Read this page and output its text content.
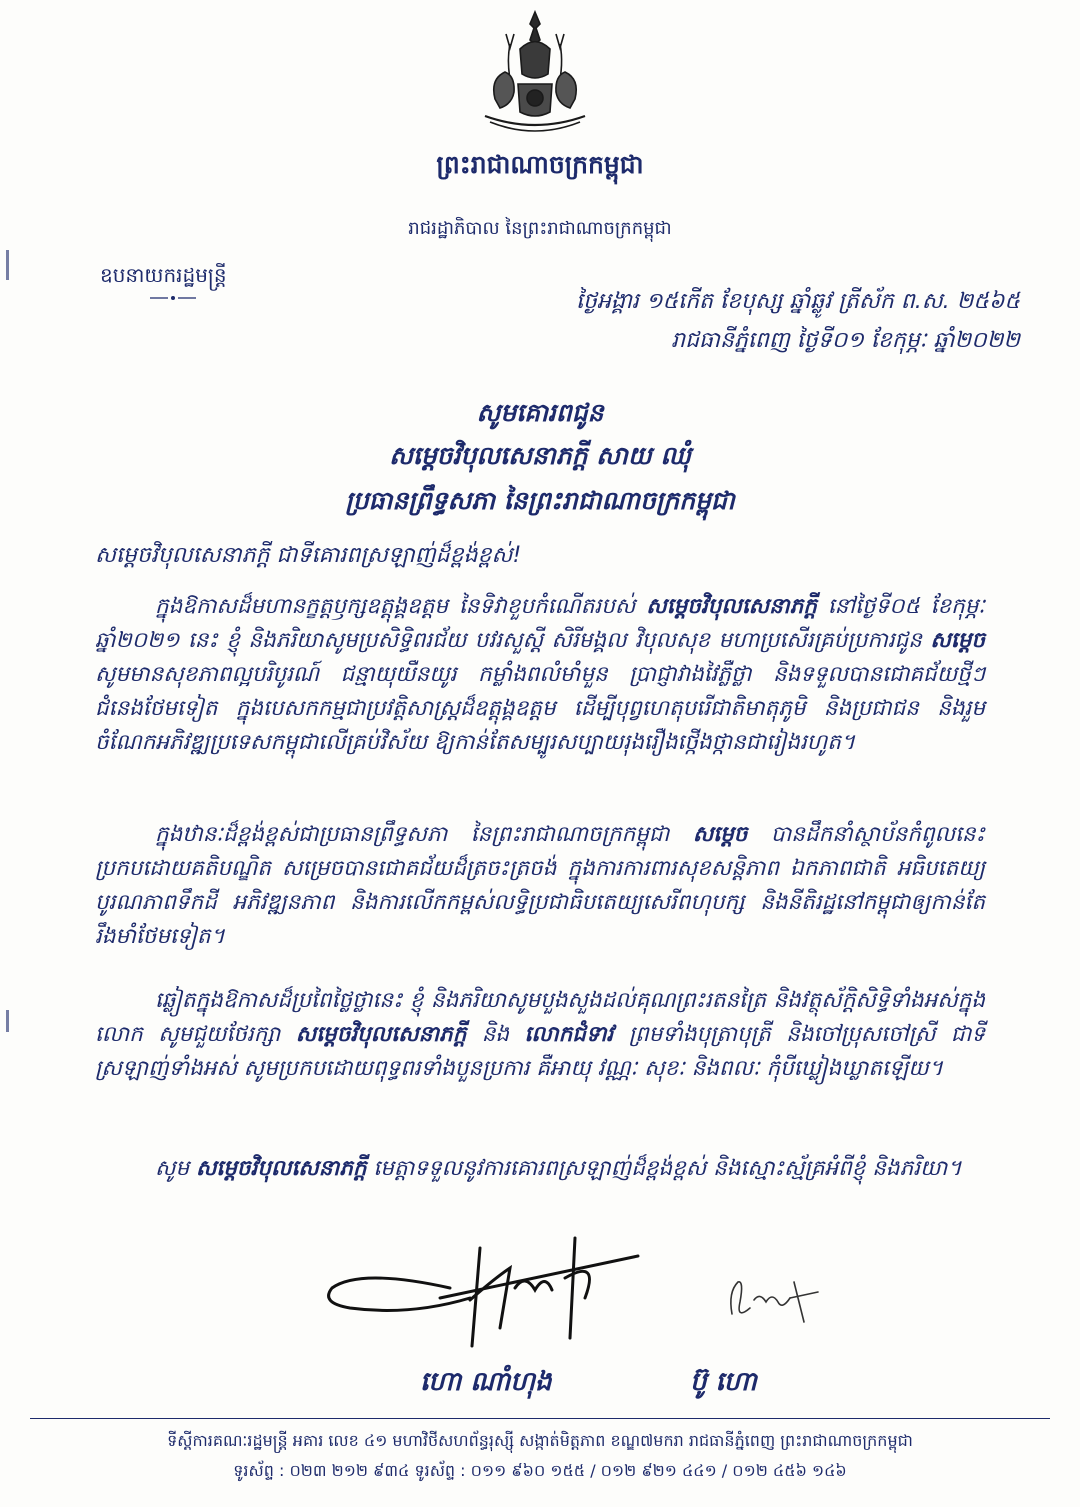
ព្រះរាជាណាចក្រកម្ពុជា
រាជរដ្ឋាភិបាល នៃព្រះរាជាណាចក្រកម្ពុជា
ឧបនាយករដ្ឋមន្ត្រី
ថ្ងៃអង្គារ ១៥កើត ខែបុស្ស ឆ្នាំឆ្លូវ ត្រីស័ក ព.ស. ២៥៦៥
រាជធានីភ្នំពេញ ថ្ងៃទី០១ ខែកុម្ភៈ ឆ្នាំ២០២២
សូមគោរពជូន
សម្តេចវិបុលសេនាភក្តី សាយ ឈុំ
ប្រធានព្រឹទ្ធសភា នៃព្រះរាជាណាចក្រកម្ពុជា
សម្តេចវិបុលសេនាភក្តី ជាទីគោរពស្រឡាញ់ដ៏ខ្ពង់ខ្ពស់!

ក្នុងឱកាសដ៏មហានក្ខត្តឫក្សឧត្តុង្គឧត្តម នៃទិវាខួបកំណើតរបស់ សម្តេចវិបុលសេនាភក្តី នៅថ្ងៃទី០៥ ខែកុម្ភៈ ឆ្នាំ២០២១ នេះ ខ្ញុំ និងភរិយាសូមប្រសិទ្ធិពរជ័យ បវរសួស្តី សិរីមង្គល វិបុលសុខ មហាប្រសើរគ្រប់ប្រការជូន សម្តេច សូមមានសុខភាពល្អបរិបូរណ៍ ជន្មាយុយឺនយូរ កម្លាំងពលំមាំមួន ប្រាជ្ញាវាងវៃភ្លឺថ្លា និងទទួលបានជោគជ័យថ្មីៗជំនេងថែមទៀត ក្នុងបេសកកម្មជាប្រវត្តិសាស្ត្រដ៏ឧត្តុង្គឧត្តម ដើម្បីបុព្វហេតុបរើជាតិមាតុភូមិ និងប្រជាជន និងរួមចំណែកអភិវឌ្ឍប្រទេសកម្ពុជាលើគ្រប់វិស័យ ឱ្យកាន់តែសម្បូរសប្បាយរុងរឿងថ្កើងថ្កានជារៀងរហូត។

ក្នុងឋានៈដ៏ខ្ពង់ខ្ពស់ជាប្រធានព្រឹទ្ធសភា នៃព្រះរាជាណាចក្រកម្ពុជា សម្តេច បានដឹកនាំស្ថាប័នកំពូលនេះ ប្រកបដោយគតិបណ្ឌិត សម្រេចបានជោគជ័យដ៏ត្រចះត្រចង់ ក្នុងការការពារសុខសន្តិភាព ឯកភាពជាតិ អធិបតេយ្យ បូរណភាពទឹកដី អភិវឌ្ឍនភាព និងការលើកកម្ពស់លទ្ធិប្រជាធិបតេយ្យសេរីពហុបក្ស និងនីតិរដ្ឋនៅកម្ពុជាឲ្យកាន់តែរឹងមាំថែមទៀត។

ឆ្លៀតក្នុងឱកាសដ៏ប្រពៃថ្លៃថ្លានេះ ខ្ញុំ និងភរិយាសូមបួងសួងដល់គុណព្រះរតនត្រៃ និងវត្ថុស័ក្តិសិទ្ធិទាំងអស់ក្នុងលោក សូមជួយថែរក្សា សម្តេចវិបុលសេនាភក្តី និង លោកជំទាវ ព្រមទាំងបុត្រាបុត្រី និងចៅប្រុសចៅស្រី ជាទីស្រឡាញ់ទាំងអស់ សូមប្រកបដោយពុទ្ធពរទាំងបួនប្រការ គឺអាយុ វណ្ណៈ សុខៈ និងពលៈ កុំបីឃ្លៀងឃ្លាតឡើយ។

សូម សម្តេចវិបុលសេនាភក្តី មេត្តាទទួលនូវការគោរពស្រឡាញ់ដ៏ខ្ពង់ខ្ពស់ និងស្មោះស្ម័គ្រអំពីខ្ញុំ និងភរិយា។

ហោ ណាំហុង	ប៊ូ ហោ
ទីស្តីការគណៈរដ្ឋមន្ត្រី អគារ លេខ ៤១ មហាវិថីសហព័ន្ធរុស្ស៊ី សង្កាត់មិត្តភាព ខណ្ឌ៧មករា រាជធានីភ្នំពេញ ព្រះរាជាណាចក្រកម្ពុជា
ទូរស័ព្ទ : ០២៣ ២១២ ៩៣៤ ទូរស័ព្ទ : ០១១ ៩៦០ ១៥៥ / ០១២ ៩២១ ៤៤១ / ០១២ ៤៥៦ ១៤៦
